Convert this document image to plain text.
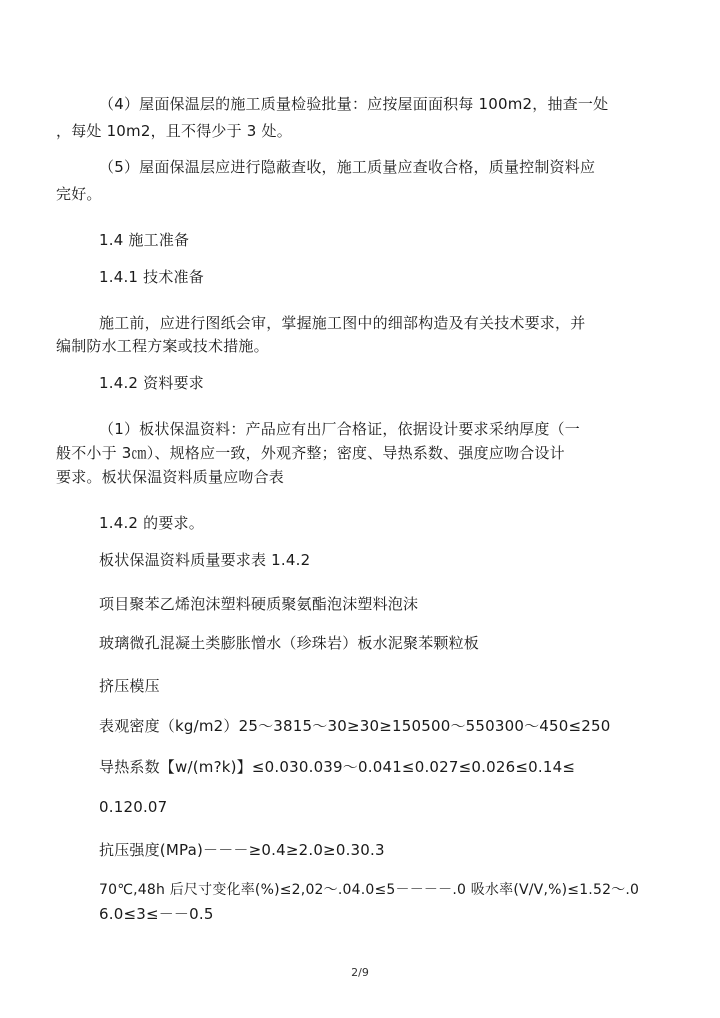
（4）屋面保温层的施工质量检验批量：应按屋面面积每 100m2，抽查一处
，每处 10m2，且不得少于 3 处。
（5）屋面保温层应进行隐蔽查收，施工质量应查收合格，质量控制资料应
完好。
1.4 施工准备
1.4.1 技术准备
施工前，应进行图纸会审，掌握施工图中的细部构造及有关技术要求，并
编制防水工程方案或技术措施。
1.4.2 资料要求
（1）板状保温资料：产品应有出厂合格证，依据设计要求采纳厚度（一
般不小于 3㎝）、规格应一致，外观齐整；密度、导热系数、强度应吻合设计
要求。板状保温资料质量应吻合表
1.4.2 的要求。
板状保温资料质量要求表 1.4.2
项目聚苯乙烯泡沫塑料硬质聚氨酯泡沫塑料泡沫
玻璃微孔混凝土类膨胀憎水（珍珠岩）板水泥聚苯颗粒板
挤压模压
表观密度（kg/m2）25～3815～30≥30≥150500～550300～450≤250
导热系数【w/(m?k)】≤0.030.039～0.041≤0.027≤0.026≤0.14≤
0.120.07
抗压强度(MPa)－－－≥0.4≥2.0≥0.30.3
70℃,48h 后尺寸变化率(%)≤2,02～.04.0≤5－－－－.0 吸水率(V/V,%)≤1.52～.0
6.0≤3≤－－0.5
2/9
